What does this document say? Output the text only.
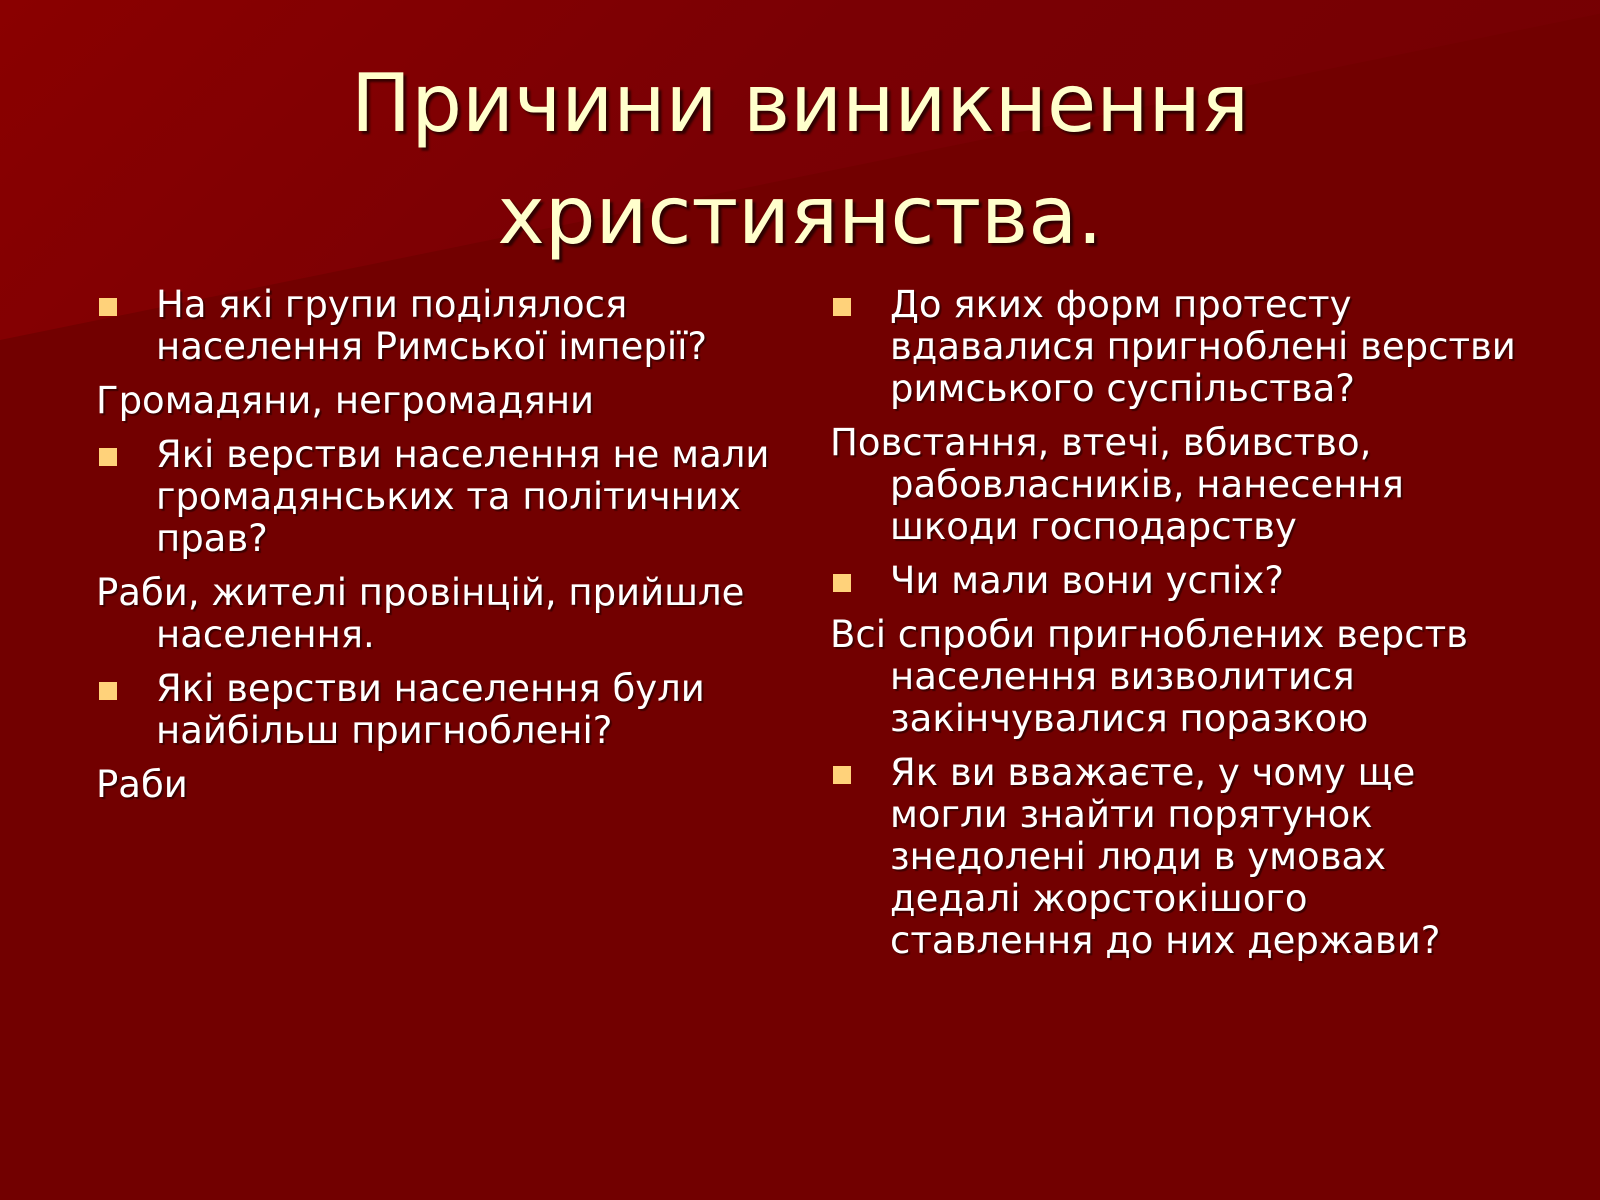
Причини виникнення
християнства.
На які групи поділялося населення Римської імперії?
Громадяни, негромадяни
Які верстви населення не мали громадянських та політичних прав?
Раби, жителі провінцій, прийшле населення.
Які верстви населення були найбільш пригноблені?
Раби
До яких форм протесту вдавалися пригноблені верстви римського суспільства?
Повстання, втечі, вбивство, рабовласників, нанесення шкоди господарству
Чи мали вони успіх?
Всі спроби пригноблених верств населення визволитися закінчувалися поразкою
Як ви вважаєте, у чому ще могли знайти порятунок знедолені люди в умовах дедалі жорстокішого ставлення до них держави?
